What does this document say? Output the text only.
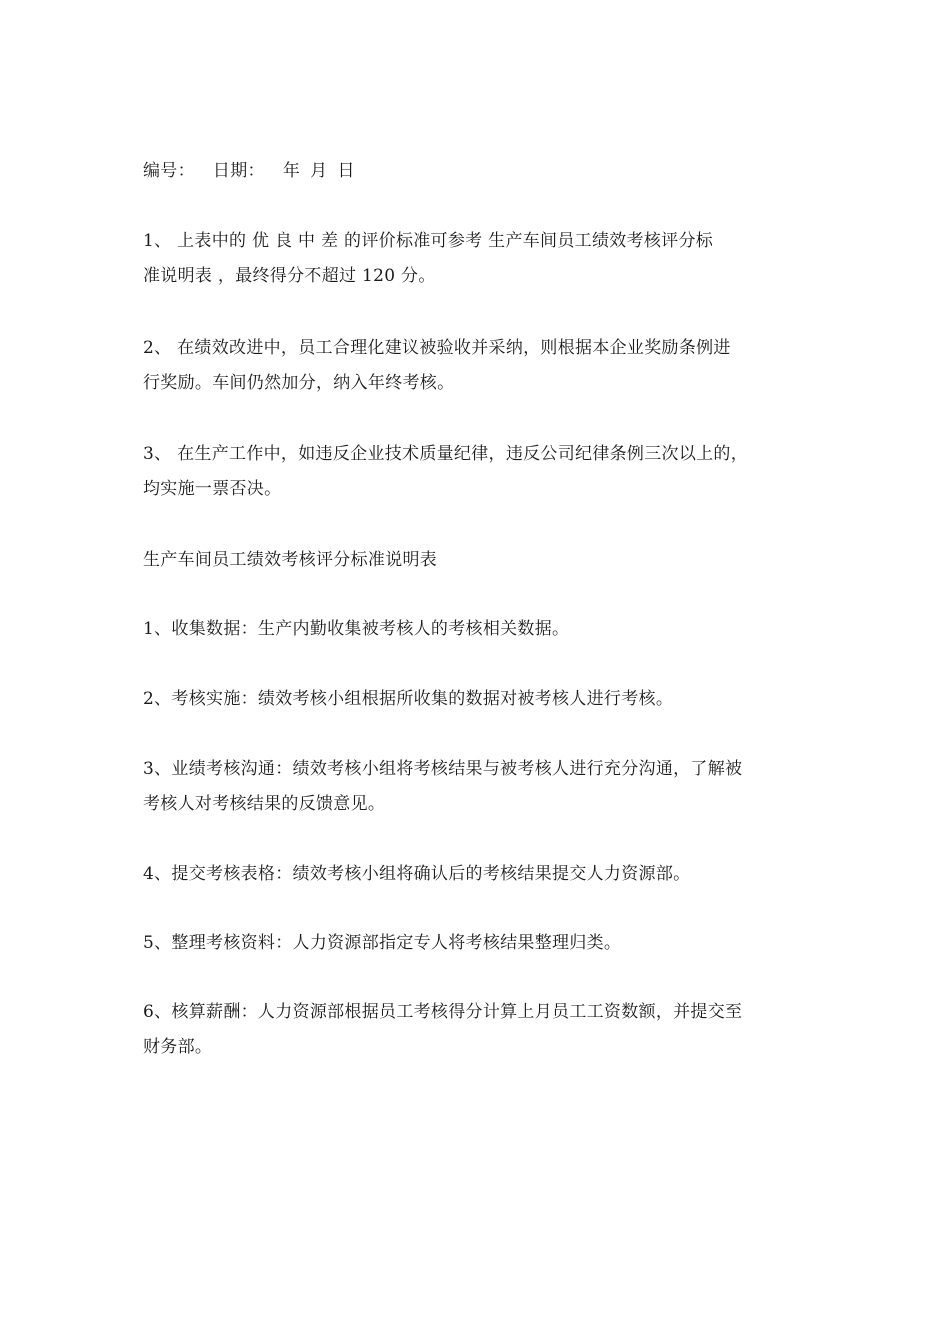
编号： 日期： 年 月 日
1、 上表中的 优 良 中 差 的评价标准可参考 生产车间员工绩效考核评分标
准说明表 ，最终得分不超过 120 分。
2、 在绩效改进中，员工合理化建议被验收并采纳，则根据本企业奖励条例进
行奖励。车间仍然加分，纳入年终考核。
3、 在生产工作中，如违反企业技术质量纪律，违反公司纪律条例三次以上的，
均实施一票否决。
生产车间员工绩效考核评分标准说明表
1、收集数据：生产内勤收集被考核人的考核相关数据。
2、考核实施：绩效考核小组根据所收集的数据对被考核人进行考核。
3、业绩考核沟通：绩效考核小组将考核结果与被考核人进行充分沟通，了解被
考核人对考核结果的反馈意见。
4、提交考核表格：绩效考核小组将确认后的考核结果提交人力资源部。
5、整理考核资料：人力资源部指定专人将考核结果整理归类。
6、核算薪酬：人力资源部根据员工考核得分计算上月员工工资数额，并提交至
财务部。
